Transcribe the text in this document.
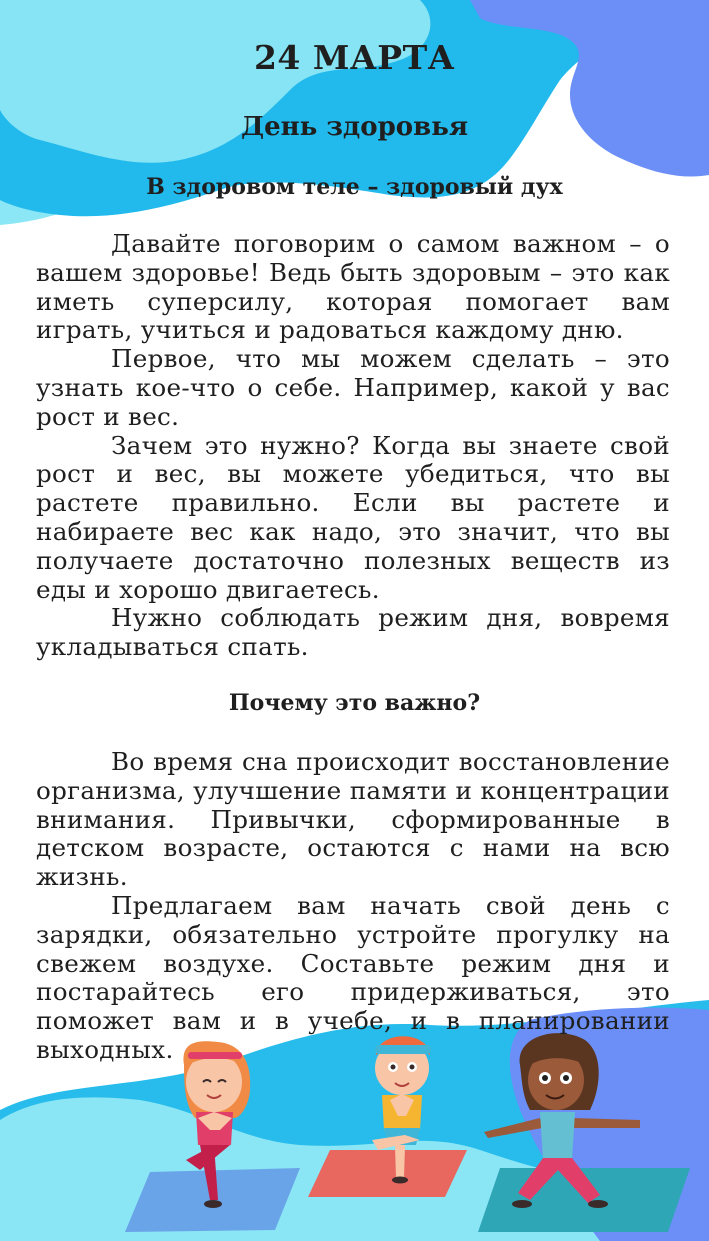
24 МАРТА
День здоровья
В здоровом теле – здоровый дух

Давайте поговорим о самом важном – о вашем здоровье! Ведь быть здоровым – это как иметь суперсилу, которая помогает вам играть, учиться и радоваться каждому дню.

Первое, что мы можем сделать – это узнать кое-что о себе. Например, какой у вас рост и вес.

Зачем это нужно? Когда вы знаете свой рост и вес, вы можете убедиться, что вы растете правильно. Если вы растете и набираете вес как надо, это значит, что вы получаете достаточно полезных веществ из еды и хорошо двигаетесь.

Нужно соблюдать режим дня, вовремя укладываться спать.

Почему это важно?

Во время сна происходит восстановление организма, улучшение памяти и концентрации внимания. Привычки, сформированные в детском возрасте, остаются с нами на всю жизнь.

Предлагаем вам начать свой день с зарядки, обязательно устройте прогулку на свежем воздухе. Составьте режим дня и постарайтесь его придерживаться, это поможет вам и в учебе, и в планировании выходных.
